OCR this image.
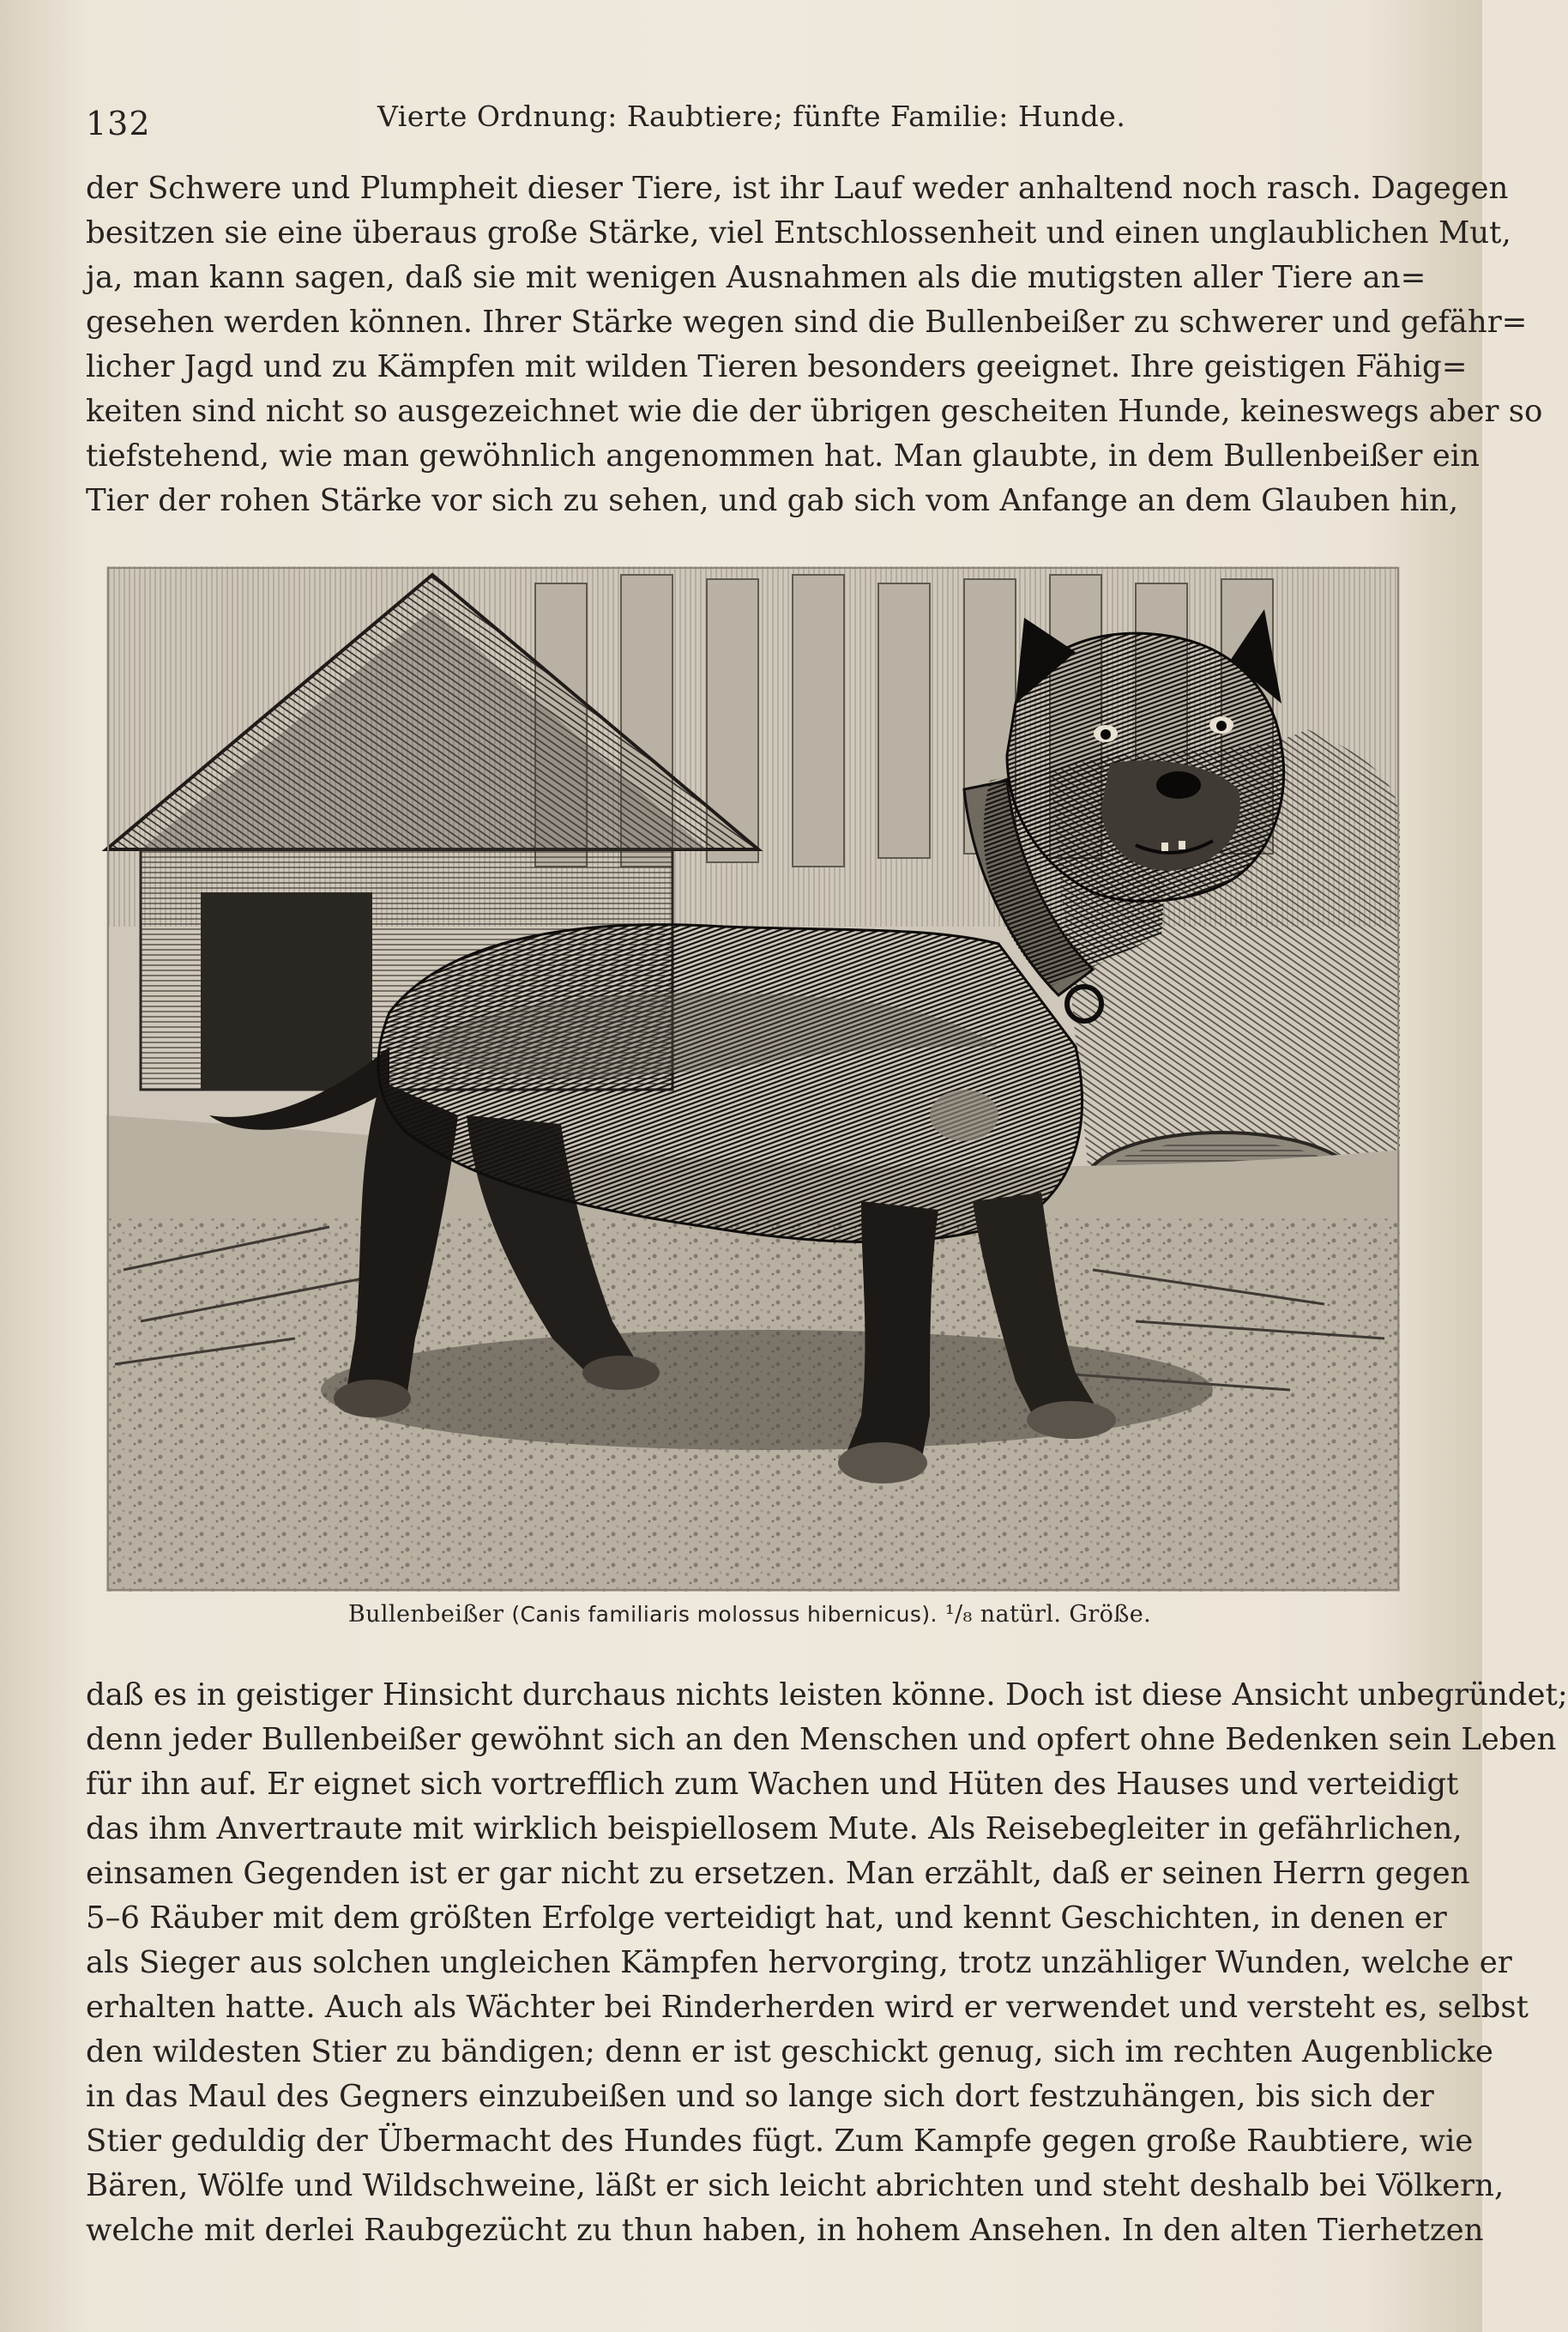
132	Vierte Ordnung: Raubtiere; fünfte Familie: Hunde.
der Schwere und Plumpheit dieser Tiere, ist ihr Lauf weder anhaltend noch rasch. Dagegen
besitzen sie eine überaus große Stärke, viel Entschlossenheit und einen unglaublichen Mut,
ja, man kann sagen, daß sie mit wenigen Ausnahmen als die mutigsten aller Tiere an=
gesehen werden können. Ihrer Stärke wegen sind die Bullenbeißer zu schwerer und gefähr=
licher Jagd und zu Kämpfen mit wilden Tieren besonders geeignet. Ihre geistigen Fähig=
keiten sind nicht so ausgezeichnet wie die der übrigen gescheiten Hunde, keineswegs aber so
tiefstehend, wie man gewöhnlich angenommen hat. Man glaubte, in dem Bullenbeißer ein
Tier der rohen Stärke vor sich zu sehen, und gab sich vom Anfange an dem Glauben hin,
Bullenbeißer (Canis familiaris molossus hibernicus). ¹/₈ natürl. Größe.
daß es in geistiger Hinsicht durchaus nichts leisten könne. Doch ist diese Ansicht unbegründet;
denn jeder Bullenbeißer gewöhnt sich an den Menschen und opfert ohne Bedenken sein Leben
für ihn auf. Er eignet sich vortrefflich zum Wachen und Hüten des Hauses und verteidigt
das ihm Anvertraute mit wirklich beispiellosem Mute. Als Reisebegleiter in gefährlichen,
einsamen Gegenden ist er gar nicht zu ersetzen. Man erzählt, daß er seinen Herrn gegen
5–6 Räuber mit dem größten Erfolge verteidigt hat, und kennt Geschichten, in denen er
als Sieger aus solchen ungleichen Kämpfen hervorging, trotz unzähliger Wunden, welche er
erhalten hatte. Auch als Wächter bei Rinderherden wird er verwendet und versteht es, selbst
den wildesten Stier zu bändigen; denn er ist geschickt genug, sich im rechten Augenblicke
in das Maul des Gegners einzubeißen und so lange sich dort festzuhängen, bis sich der
Stier geduldig der Übermacht des Hundes fügt. Zum Kampfe gegen große Raubtiere, wie
Bären, Wölfe und Wildschweine, läßt er sich leicht abrichten und steht deshalb bei Völkern,
welche mit derlei Raubgezücht zu thun haben, in hohem Ansehen. In den alten Tierhetzen
